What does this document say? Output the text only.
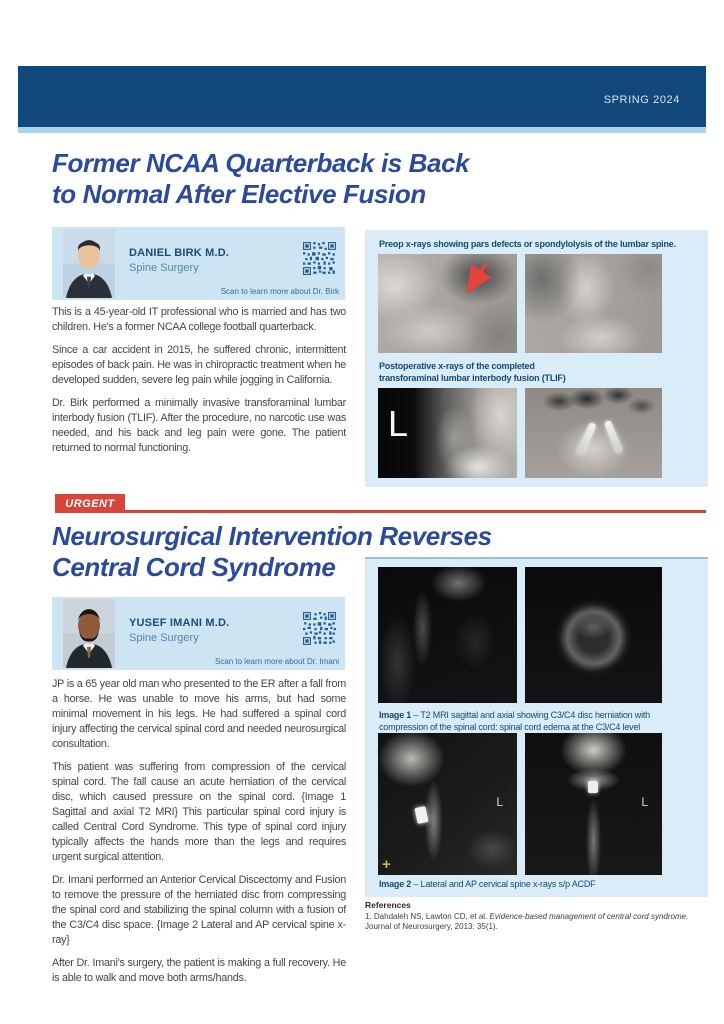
SPRING 2024
Former NCAA Quarterback is Back
to Normal After Elective Fusion
DANIEL BIRK M.D.
Spine Surgery
Scan to learn more about Dr. Birk

This is a 45-year-old IT professional who is married and has two children. He's a former NCAA college football quarterback.

Since a car accident in 2015, he suffered chronic, intermittent episodes of back pain. He was in chiropractic treatment when he developed sudden, severe leg pain while jogging in California.

Dr. Birk performed a minimally invasive transforaminal lumbar interbody fusion (TLIF). After the procedure, no narcotic use was needed, and his back and leg pain were gone. The patient returned to normal functioning.

Preop x-rays showing pars defects or spondylolysis of the lumbar spine.
Postoperative x-rays of the completed
transforaminal lumbar interbody fusion (TLIF)
L
URGENT
Neurosurgical Intervention Reverses
Central Cord Syndrome
YUSEF IMANI M.D.
Spine Surgery
Scan to learn more about Dr. Imani

JP is a 65 year old man who presented to the ER after a fall from a horse. He was unable to move his arms, but had some minimal movement in his legs. He had suffered a spinal cord injury affecting the cervical spinal cord and needed neurosurgical consultation.

This patient was suffering from compression of the cervical spinal cord. The fall cause an acute herniation of the cervical disc, which caused pressure on the spinal cord. {Image 1 Sagittal and axial T2 MRI} This particular spinal cord injury is called Central Cord Syndrome. This type of spinal cord injury typically affects the hands more than the legs and requires urgent surgical attention.

Dr. Imani performed an Anterior Cervical Discectomy and Fusion to remove the pressure of the herniated disc from compressing the spinal cord and stabilizing the spinal column with a fusion of the C3/C4 disc space. {Image 2 Lateral and AP cervical spine x-ray}

After Dr. Imani's surgery, the patient is making a full recovery. He is able to walk and move both arms/hands.

Image 1 – T2 MRI sagittal and axial showing C3/C4 disc herniation with compression of the spinal cord: spinal cord edema at the C3/C4 level
L
+
L
Image 2 – Lateral and AP cervical spine x-rays s/p ACDF
References
1. Dahdaleh NS, Lawton CD, et al. Evidence-based management of central cord syndrome. Journal of Neurosurgery, 2013: 35(1).
